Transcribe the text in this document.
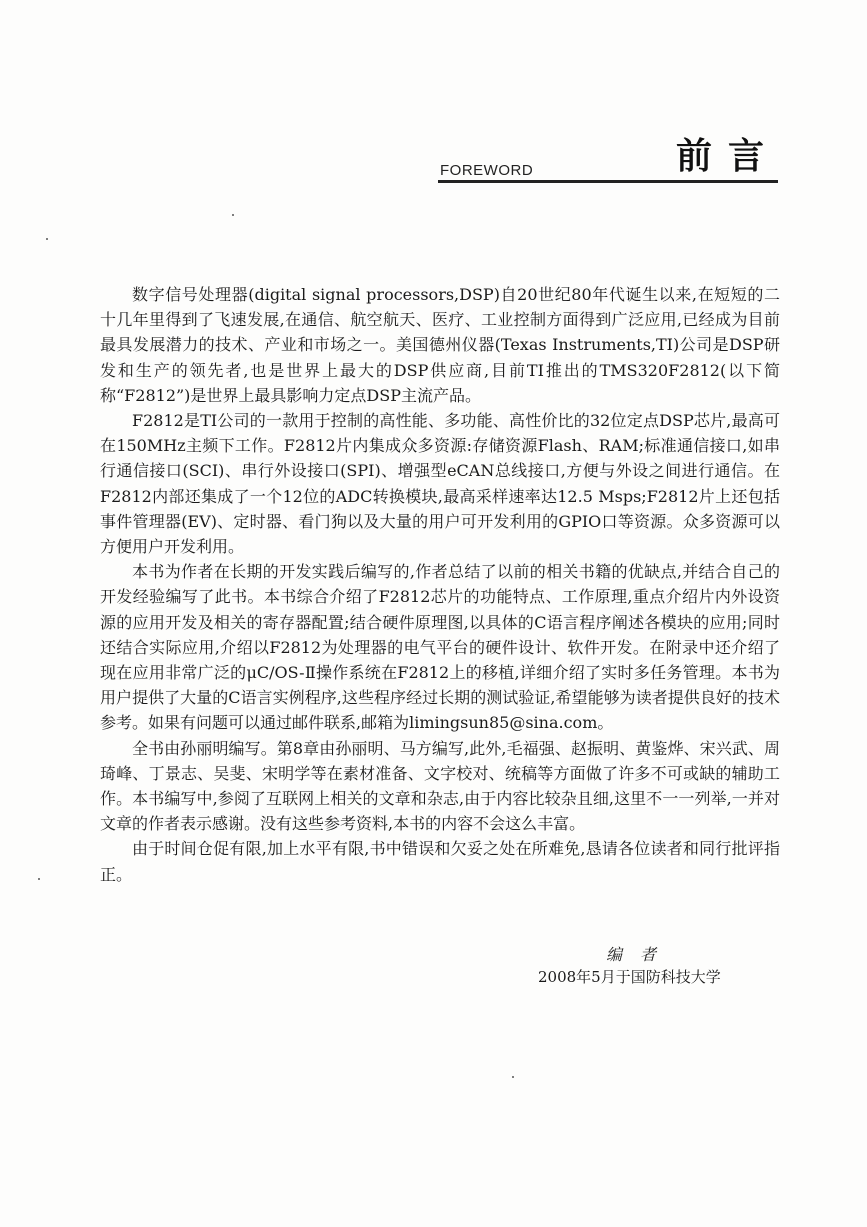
FOREWORD	前言

数字信号处理器(digital signal processors,DSP)自20世纪80年代诞生以来,在短短的二十几年里得到了飞速发展,在通信、航空航天、医疗、工业控制方面得到广泛应用,已经成为目前最具发展潜力的技术、产业和市场之一。美国德州仪器(Texas Instruments,TI)公司是DSP研发和生产的领先者,也是世界上最大的DSP供应商,目前TI推出的TMS320F2812(以下简称“F2812”)是世界上最具影响力定点DSP主流产品。

F2812是TI公司的一款用于控制的高性能、多功能、高性价比的32位定点DSP芯片,最高可在150MHz主频下工作。F2812片内集成众多资源:存储资源Flash、RAM;标准通信接口,如串行通信接口(SCI)、串行外设接口(SPI)、增强型eCAN总线接口,方便与外设之间进行通信。在F2812内部还集成了一个12位的ADC转换模块,最高采样速率达12.5 Msps;F2812片上还包括事件管理器(EV)、定时器、看门狗以及大量的用户可开发利用的GPIO口等资源。众多资源可以方便用户开发利用。

本书为作者在长期的开发实践后编写的,作者总结了以前的相关书籍的优缺点,并结合自己的开发经验编写了此书。本书综合介绍了F2812芯片的功能特点、工作原理,重点介绍片内外设资源的应用开发及相关的寄存器配置;结合硬件原理图,以具体的C语言程序阐述各模块的应用;同时还结合实际应用,介绍以F2812为处理器的电气平台的硬件设计、软件开发。在附录中还介绍了现在应用非常广泛的μC/OS-Ⅱ操作系统在F2812上的移植,详细介绍了实时多任务管理。本书为用户提供了大量的C语言实例程序,这些程序经过长期的测试验证,希望能够为读者提供良好的技术参考。如果有问题可以通过邮件联系,邮箱为limingsun85@sina.com。

全书由孙丽明编写。第8章由孙丽明、马方编写,此外,毛福强、赵振明、黄鉴烨、宋兴武、周琦峰、丁景志、吴斐、宋明学等在素材准备、文字校对、统稿等方面做了许多不可或缺的辅助工作。本书编写中,参阅了互联网上相关的文章和杂志,由于内容比较杂且细,这里不一一列举,一并对文章的作者表示感谢。没有这些参考资料,本书的内容不会这么丰富。

由于时间仓促有限,加上水平有限,书中错误和欠妥之处在所难免,恳请各位读者和同行批评指正。

编者
2008年5月于国防科技大学
